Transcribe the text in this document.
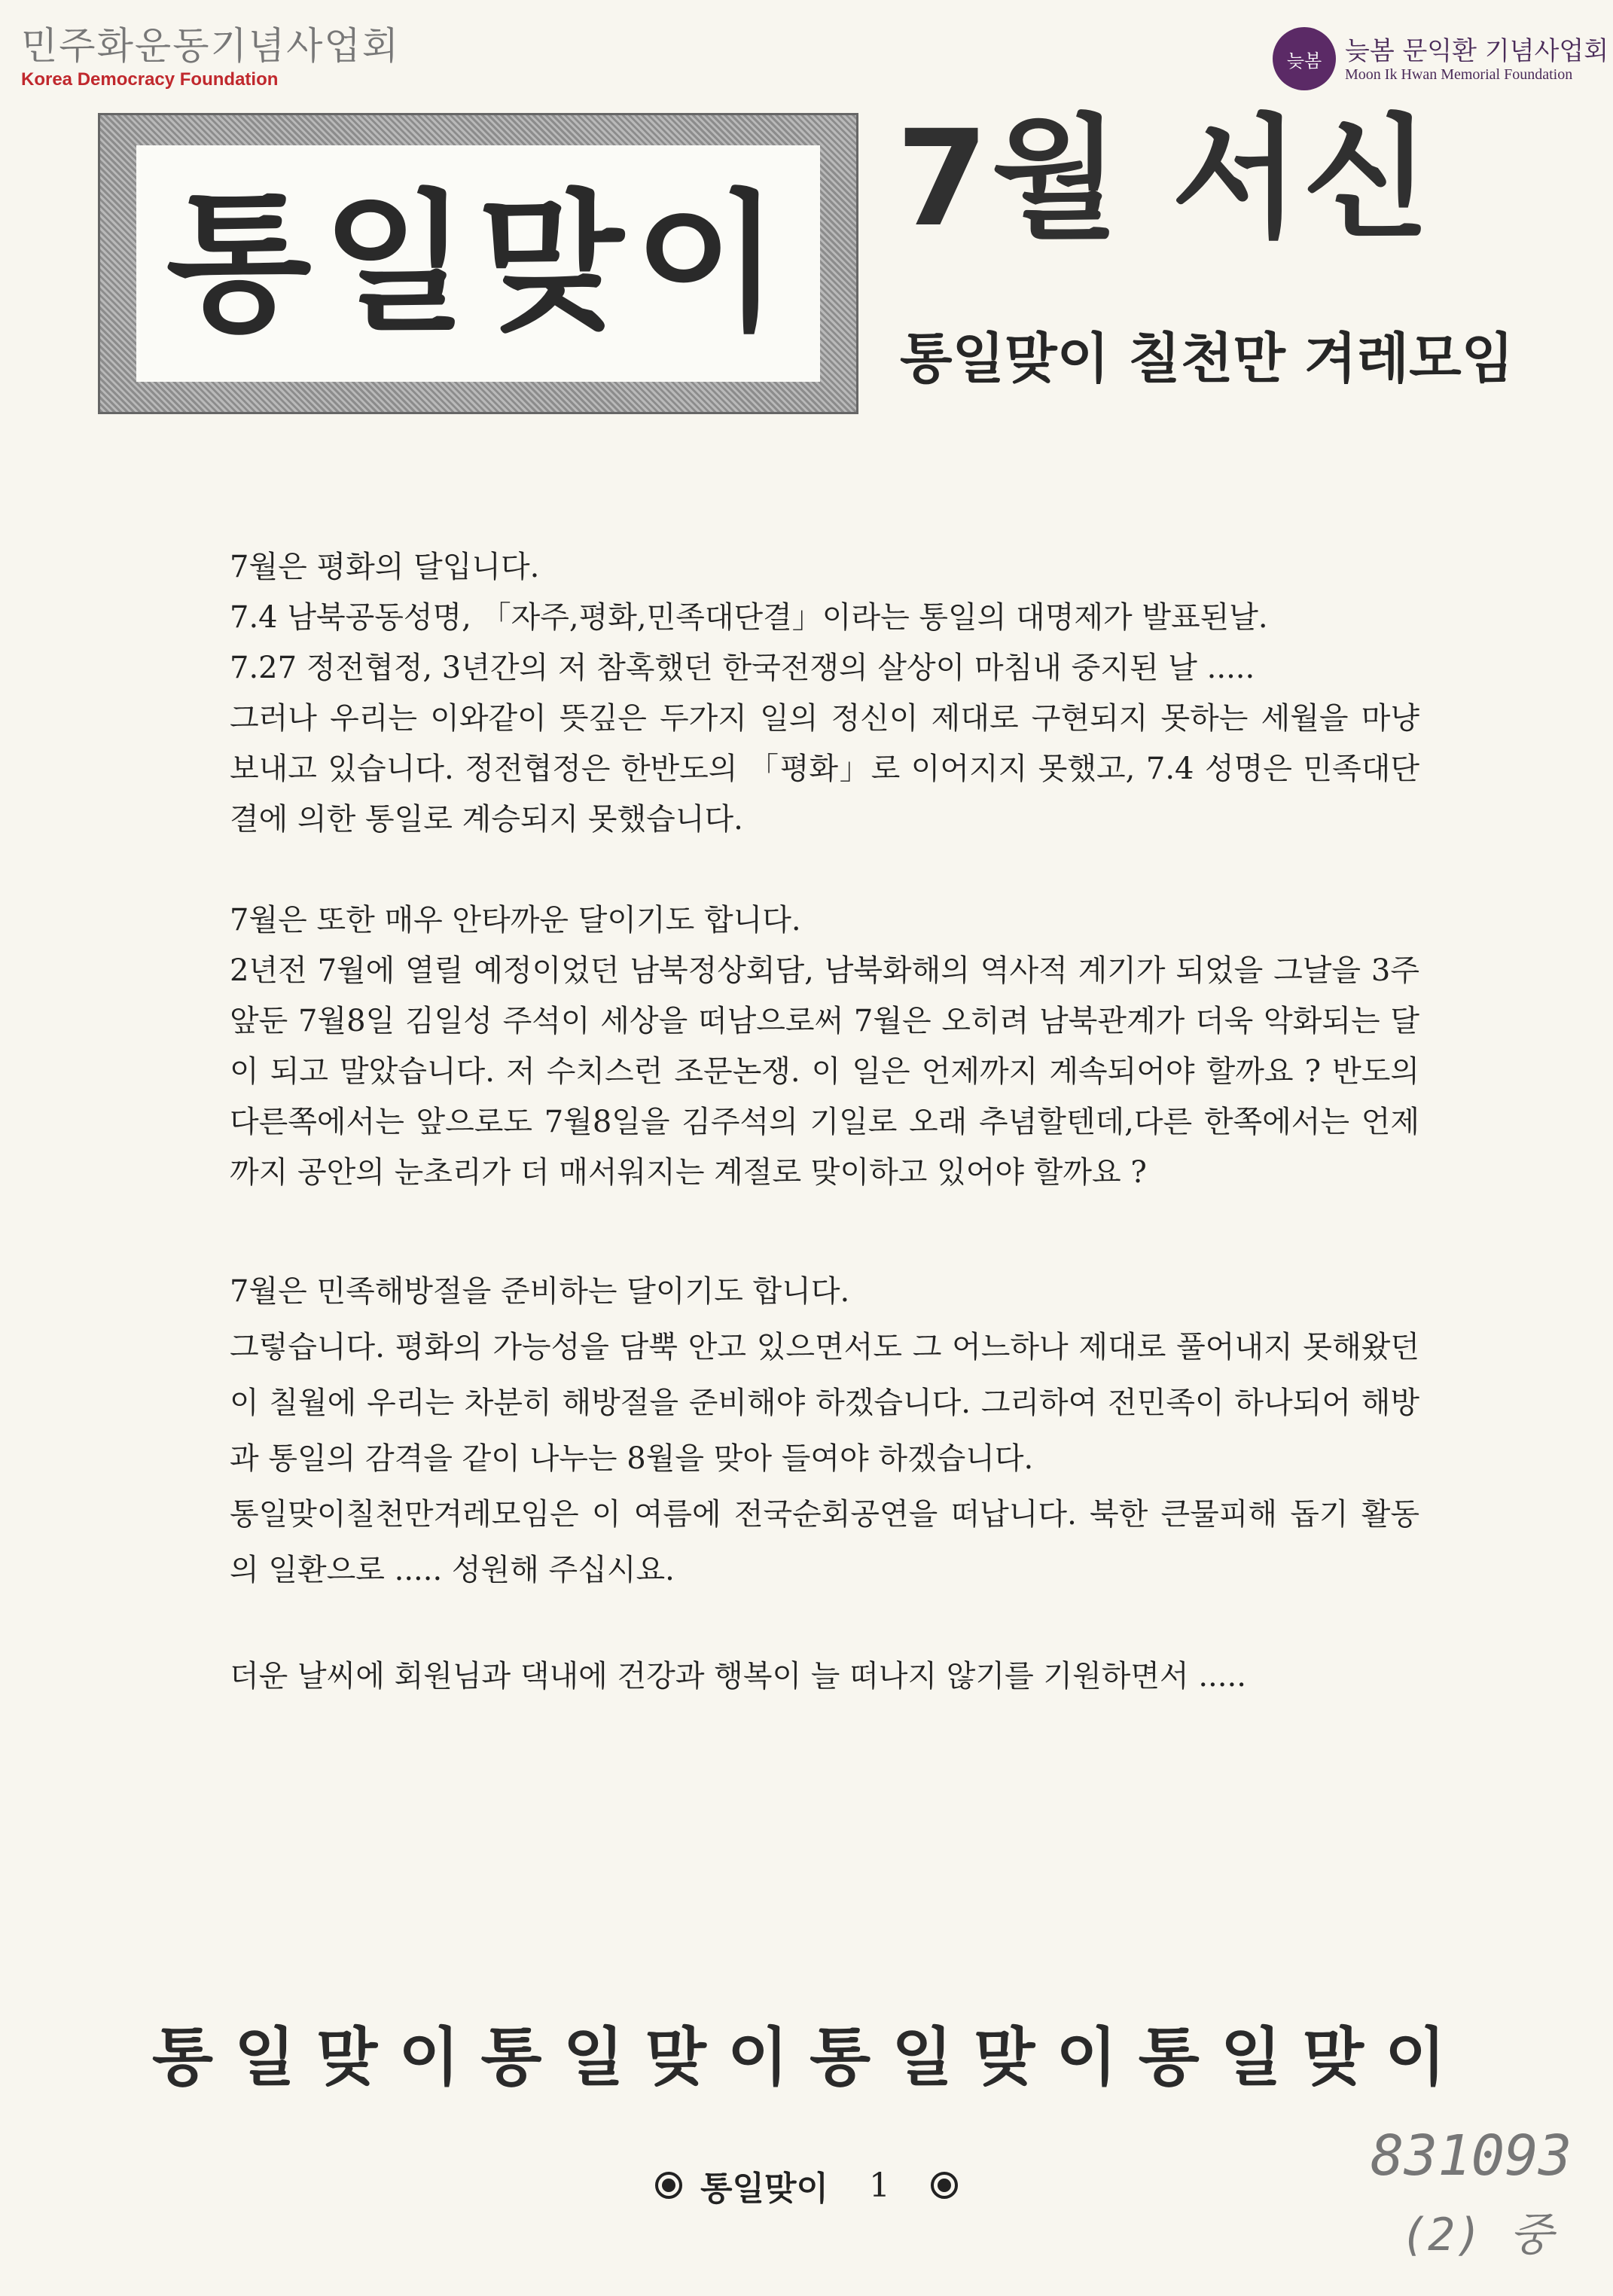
민주화운동기념사업회
Korea Democracy Foundation
늦봄 늦봄 문익환 기념사업회
Moon Ik Hwan Memorial Foundation
통일맞이 7월 서신
통일맞이 칠천만 겨레모임

7월은 평화의 달입니다.

7.4 남북공동성명, 「자주,평화,민족대단결」이라는 통일의 대명제가 발표된날.

7.27 정전협정, 3년간의 저 참혹했던 한국전쟁의 살상이 마침내 중지된 날 .....

그러나 우리는 이와같이 뜻깊은 두가지 일의 정신이 제대로 구현되지 못하는 세월을 마냥 보내고 있습니다. 정전협정은 한반도의 「평화」로 이어지지 못했고, 7.4 성명은 민족대단결에 의한 통일로 계승되지 못했습니다.

7월은 또한 매우 안타까운 달이기도 합니다.

2년전 7월에 열릴 예정이었던 남북정상회담, 남북화해의 역사적 계기가 되었을 그날을 3주앞둔 7월8일 김일성 주석이 세상을 떠남으로써 7월은 오히려 남북관계가 더욱 악화되는 달이 되고 말았습니다. 저 수치스런 조문논쟁. 이 일은 언제까지 계속되어야 할까요 ? 반도의 다른쪽에서는 앞으로도 7월8일을 김주석의 기일로 오래 추념할텐데,다른 한쪽에서는 언제까지 공안의 눈초리가 더 매서워지는 계절로 맞이하고 있어야 할까요 ?

7월은 민족해방절을 준비하는 달이기도 합니다.

그렇습니다. 평화의 가능성을 담뿍 안고 있으면서도 그 어느하나 제대로 풀어내지 못해왔던 이 칠월에 우리는 차분히 해방절을 준비해야 하겠습니다. 그리하여 전민족이 하나되어 해방과 통일의 감격을 같이 나누는 8월을 맞아 들여야 하겠습니다.

통일맞이칠천만겨레모임은 이 여름에 전국순회공연을 떠납니다. 북한 큰물피해 돕기 활동의 일환으로 ..... 성원해 주십시요.

더운 날씨에 회원님과 댁내에 건강과 행복이 늘 떠나지 않기를 기원하면서 .....

통일맞이통일맞이통일맞이통일맞이
통일맞이 1	831093
(2) 중
